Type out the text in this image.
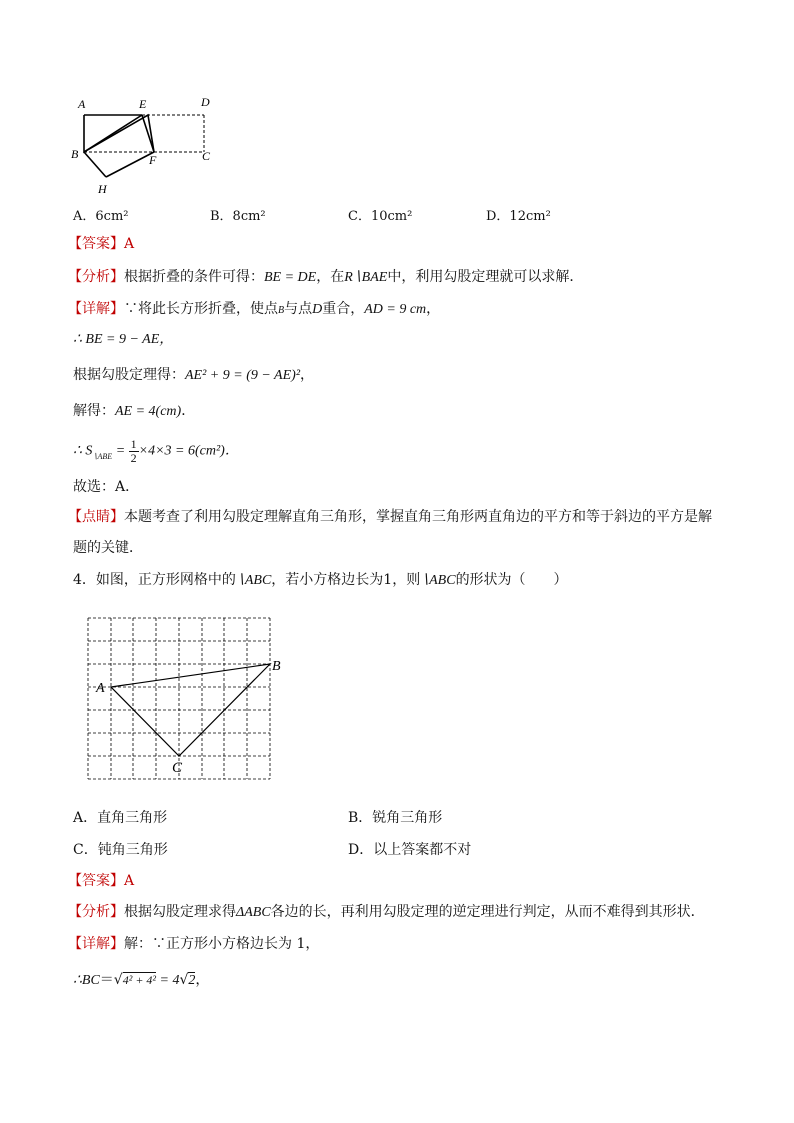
A	E	D
B	F	C
H
A．6cm²	B．8cm²	C．10cm²	D．12cm²
【答案】A
【分析】根据折叠的条件可得：BE = DE，在R∖BAE中，利用勾股定理就可以求解．
【详解】∵将此长方形折叠，使点B与点D重合，AD = 9 cm，
∴ BE = 9 − AE，
根据勾股定理得：AE² + 9 = (9 − AE)²，
解得：AE = 4(cm)．
∴ $S_{∖ABE} = \frac{1}{2} \times 4\times 3 = 6(cm^2)$．
故选：A．
【点睛】本题考查了利用勾股定理解直角三角形，掌握直角三角形两直角边的平方和等于斜边的平方是解
题的关键．
4．如图，正方形网格中的∖ABC，若小方格边长为1，则∖ABC的形状为（　　）
A
B
C
A．直角三角形	B．锐角三角形
C．钝角三角形	D．以上答案都不对
【答案】A
【分析】根据勾股定理求得ΔABC各边的长，再利用勾股定理的逆定理进行判定，从而不难得到其形状．
【详解】解：∵正方形小方格边长为 1，
∴BC＝√4² + 4² = 4√2，
